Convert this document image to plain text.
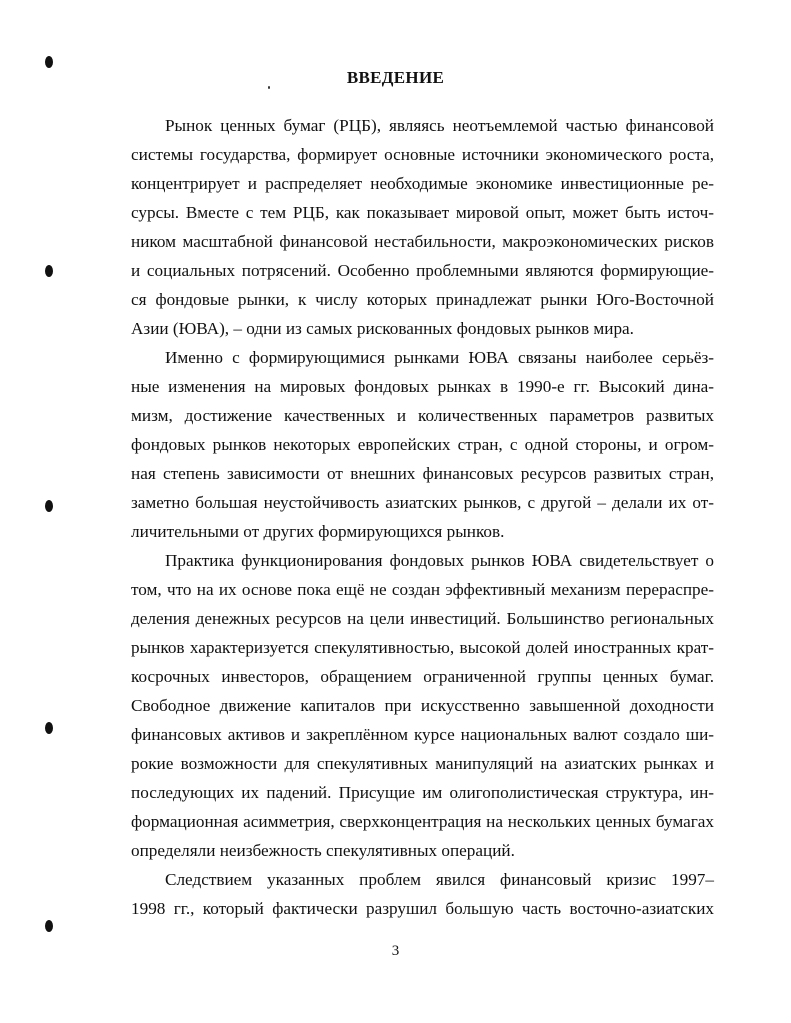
ВВЕДЕНИЕ
Рынок ценных бумаг (РЦБ), являясь неотъемлемой частью финансовой
системы государства, формирует основные источники экономического роста,
концентрирует и распределяет необходимые экономике инвестиционные ре-
сурсы. Вместе с тем РЦБ, как показывает мировой опыт, может быть источ-
ником масштабной финансовой нестабильности, макроэкономических рисков
и социальных потрясений. Особенно проблемными являются формирующие-
ся фондовые рынки, к числу которых принадлежат рынки Юго-Восточной
Азии (ЮВА), – одни из самых рискованных фондовых рынков мира.
Именно с формирующимися рынками ЮВА связаны наиболее серьёз-
ные изменения на мировых фондовых рынках в 1990-е гг. Высокий дина-
мизм, достижение качественных и количественных параметров развитых
фондовых рынков некоторых европейских стран, с одной стороны, и огром-
ная степень зависимости от внешних финансовых ресурсов развитых стран,
заметно большая неустойчивость азиатских рынков, с другой – делали их от-
личительными от других формирующихся рынков.
Практика функционирования фондовых рынков ЮВА свидетельствует о
том, что на их основе пока ещё не создан эффективный механизм перераспре-
деления денежных ресурсов на цели инвестиций. Большинство региональных
рынков характеризуется спекулятивностью, высокой долей иностранных крат-
косрочных инвесторов, обращением ограниченной группы ценных бумаг.
Свободное движение капиталов при искусственно завышенной доходности
финансовых активов и закреплённом курсе национальных валют создало ши-
рокие возможности для спекулятивных манипуляций на азиатских рынках и
последующих их падений. Присущие им олигополистическая структура, ин-
формационная асимметрия, сверхконцентрация на нескольких ценных бумагах
определяли неизбежность спекулятивных операций.
Следствием указанных проблем явился финансовый кризис 1997–
1998 гг., который фактически разрушил большую часть восточно-азиатских
3
